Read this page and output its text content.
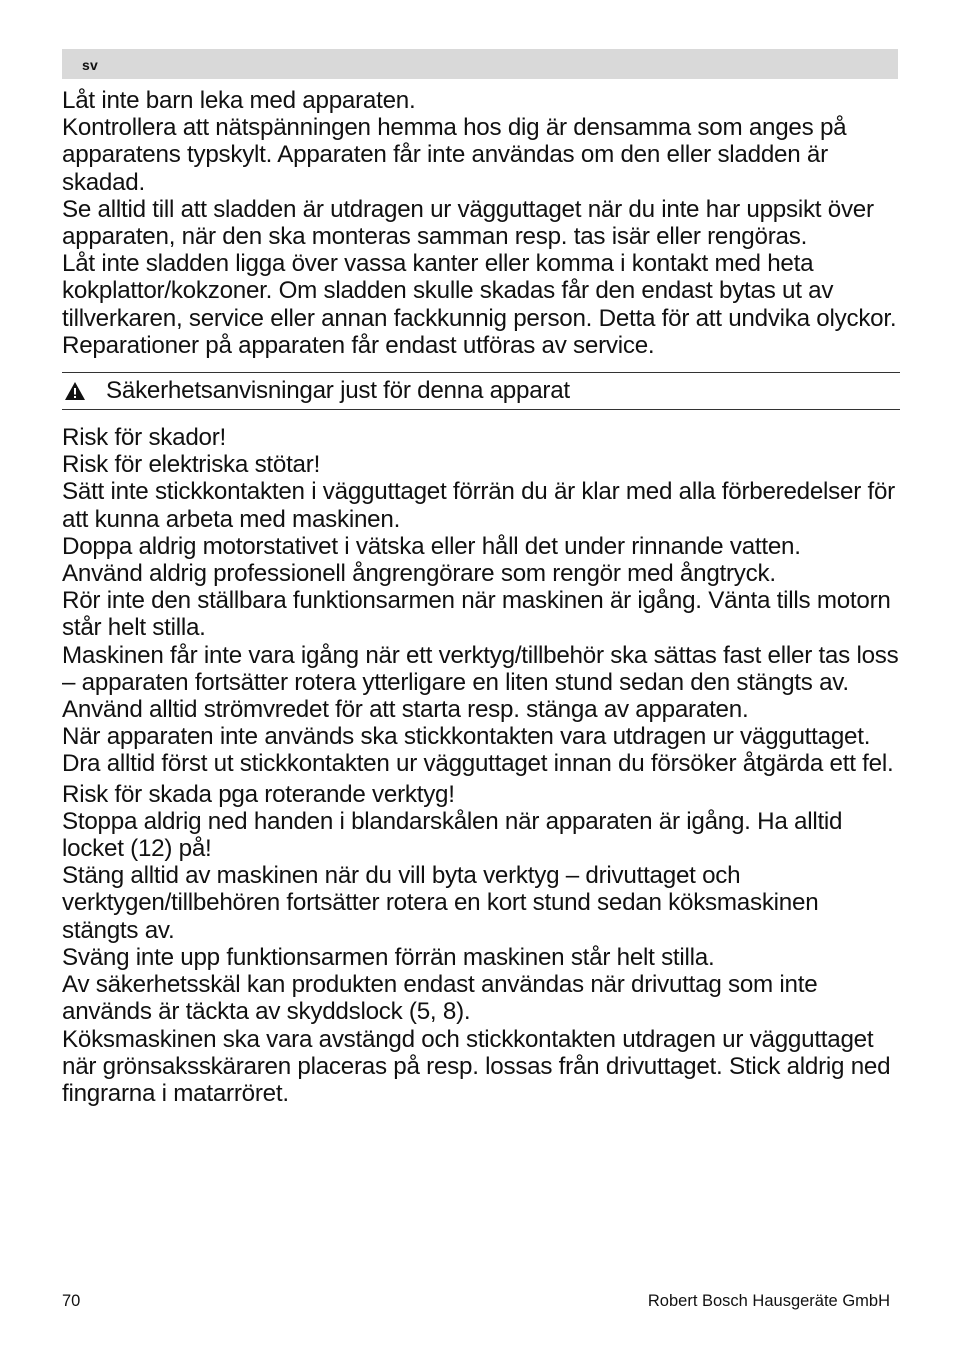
sv

Låt inte barn leka med apparaten.

Kontrollera att nätspänningen hemma hos dig är densamma som anges på apparatens typskylt. Apparaten får inte användas om den eller sladden är skadad.

Se alltid till att sladden är utdragen ur vägguttaget när du inte har uppsikt över apparaten, när den ska monteras samman resp. tas isär eller rengöras.

Låt inte sladden ligga över vassa kanter eller komma i kontakt med heta kokplattor/kokzoner. Om sladden skulle skadas får den endast bytas ut av tillverkaren, service eller annan fackkunnig person. Detta för att undvika olyckor.

Reparationer på apparaten får endast utföras av service.

Säkerhetsanvisningar just för denna apparat
Risk för skador!
Risk för elektriska stötar!

Sätt inte stickkontakten i vägguttaget förrän du är klar med alla förberedelser för att kunna arbeta med maskinen.

Doppa aldrig motorstativet i vätska eller håll det under rinnande vatten.

Använd aldrig professionell ångrengörare som rengör med ångtryck.

Rör inte den ställbara funktionsarmen när maskinen är igång. Vänta tills motorn står helt stilla.

Maskinen får inte vara igång när ett verktyg/tillbehör ska sättas fast eller tas loss – apparaten fortsätter rotera ytterligare en liten stund sedan den stängts av.

Använd alltid strömvredet för att starta resp. stänga av apparaten.

När apparaten inte används ska stickkontakten vara utdragen ur vägguttaget.

Dra alltid först ut stickkontakten ur vägguttaget innan du försöker åtgärda ett fel.

Risk för skada pga roterande verktyg!

Stoppa aldrig ned handen i blandarskålen när apparaten är igång. Ha alltid locket (12) på!

Stäng alltid av maskinen när du vill byta verktyg – drivuttaget och verktygen/tillbehören fortsätter rotera en kort stund sedan köksmaskinen stängts av.

Sväng inte upp funktionsarmen förrän maskinen står helt stilla.

Av säkerhetsskäl kan produkten endast användas när drivuttag som inte används är täckta av skyddslock (5, 8).

Köksmaskinen ska vara avstängd och stickkontakten utdragen ur vägguttaget när grönsaksskäraren placeras på resp. lossas från drivuttaget. Stick aldrig ned fingrarna i matarröret.

70	Robert Bosch Hausgeräte GmbH
